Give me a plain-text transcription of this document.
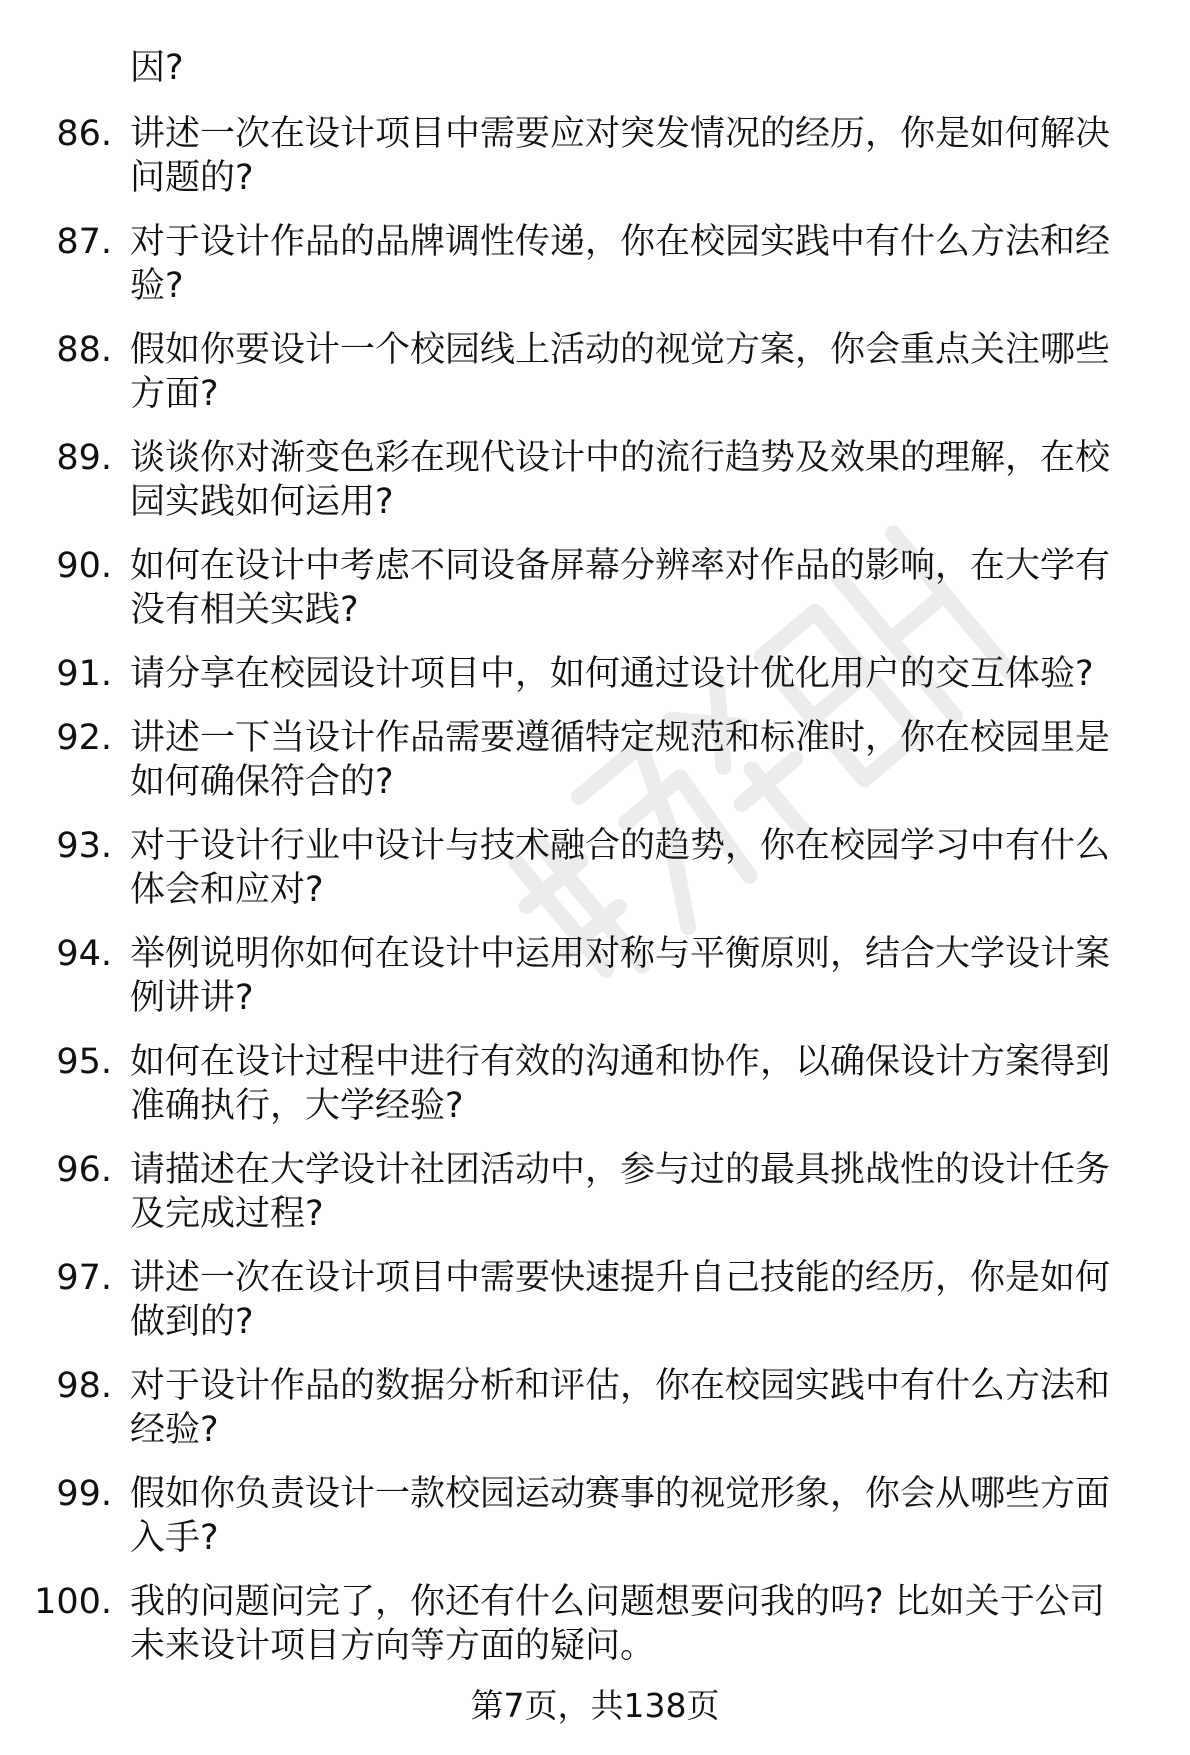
因?
86. 讲述一次在设计项目中需要应对突发情况的经历，你是如何解决
问题的?
87. 对于设计作品的品牌调性传递，你在校园实践中有什么方法和经
验?
88. 假如你要设计一个校园线上活动的视觉方案，你会重点关注哪些
方面?
89. 谈谈你对渐变色彩在现代设计中的流行趋势及效果的理解，在校
园实践如何运用?
90. 如何在设计中考虑不同设备屏幕分辨率对作品的影响，在大学有
没有相关实践?
91. 请分享在校园设计项目中，如何通过设计优化用户的交互体验?
92. 讲述一下当设计作品需要遵循特定规范和标准时，你在校园里是
如何确保符合的?
93. 对于设计行业中设计与技术融合的趋势，你在校园学习中有什么
体会和应对?
94. 举例说明你如何在设计中运用对称与平衡原则，结合大学设计案
例讲讲?
95. 如何在设计过程中进行有效的沟通和协作，以确保设计方案得到
准确执行，大学经验?
96. 请描述在大学设计社团活动中，参与过的最具挑战性的设计任务
及完成过程?
97. 讲述一次在设计项目中需要快速提升自己技能的经历，你是如何
做到的?
98. 对于设计作品的数据分析和评估，你在校园实践中有什么方法和
经验?
99. 假如你负责设计一款校园运动赛事的视觉形象，你会从哪些方面
入手?
100. 我的问题问完了，你还有什么问题想要问我的吗? 比如关于公司
未来设计项目方向等方面的疑问。
第7页，共138页
